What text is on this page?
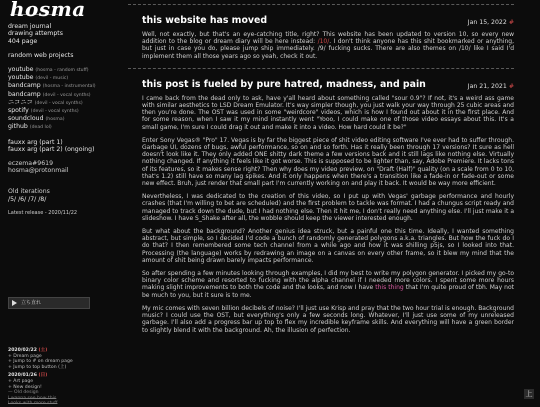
hosma
dream journal
drawing attempts
404 page
random web projects
youtube (hosma - random stuff)
youtube (devil - music)
bandcamp (hosma - instrumental)
bandcamp (devil - vocal synths)
ニコニコ (devil - vocal synths)
spotify (devil - vocal synths)
soundcloud (hosma)
github (dead lol)
fauxx arg (part 1)
fauxx arg (part 2) (ongoing)
eczema#9619
hosma@protonmail
Old iterations
/5/ /6/ /7/ /8/
Latest release - 2020/11/22
立ち直れ
2020/02/22 (土)
+ Dream page
+ Jump to # on dream page
+ Jump to top button (上)
2020/01/26 (日)
+ Art page
+ New design!
— Old design
I wanna see how this
Looks with more stuff
this website has moved	Jan 15, 2022 #

Well, not exactly, but that's an eye-catching title, right? This website has been updated to version 10, so every new addition to the blog or dream diary will be here instead: /10/. I don't think anyone has this shit bookmarked or anything, but just in case you do, please jump ship immediately. /9/ fucking sucks. There are also themes on /10/ like I said I'd implement them all those years ago so yeah, check it out.

this post is fueled by pure hatred, madness, and pain	Jan 21, 2021 #

I came back from the dead only to ask, have y'all heard about something called "sour 0.9"? If not, it's a weird ass game with similar aesthetics to LSD Dream Emulator. It's way simpler though, you just walk your way through 25 cubic areas and then you're done. The OST was used in some "weirdcore" videos, which is how I found out about it in the first place. And for some reason, when I saw it my mind instantly went "Yooo, I could make one of those video essays about this. It's a small game, I'm sure I could drag it out and make it into a video. How hard could it be?"

Enter Sony Vegas® "Pro" 17. Vegas is by far the biggest piece of shit video editing software I've ever had to suffer through. Garbage UI, dozens of bugs, awful performance, so on and so forth. Has it really been through 17 versions? It sure as hell doesn't look like it. They only added ONE shitty dark theme a few versions back and it still lags like nothing else. Virtually nothing changed. If anything it feels like it got worse. This is supposed to be lighter than, say, Adobe Premiere. It lacks tons of its features, so it makes sense right? Then why does my video preview, on "Draft (Half)" quality (on a scale from 0 to 10, that's 1.2) still have so many lag spikes. And it only happens when there's a transition like a fade-in or fade-out or some new effect. Bruh, just render that small part I'm currently working on and play it back. It would be way more efficient.

Nevertheless, I was dedicated to the creation of this video, so I put up with Vegas' garbage performance and hourly crashes (that I'm willing to bet are scheduled) and the first problem to tackle was format. I had a chungus script ready and managed to track down the dude, but I had nothing else. Then it hit me, I don't really need anything else. I'll just make it a slideshow. I have S_Shake after all, the wobble should keep the viewer interested enough.

But what about the background? Another genius idea struck, but a painful one this time. Ideally, I wanted something abstract, but simple, so I decided I'd code a bunch of randomly generated polygons a.k.a. triangles. But how the fuck do I do that? I then remembered some tech channel from a while ago and how it was shilling p5js, so I looked into that. Processing (the language) works by redrawing an image on a canvas on every other frame, so it blew my mind that the amount of shit being drawn barely impacts performance.

So after spending a few minutes looking through examples, I did my best to write my polygon generator. I picked my go-to binary color scheme and resorted to fucking with the alpha channel if I needed more colors. I spent some more hours making slight improvements to both the code and the looks, and now I have this thing that I'm quite proud of tbh. May not be much to you, but it sure is to me.

My mic comes with seven billion decibels of noise? I'll just use Krisp and pray that the two hour trial is enough. Background music? I could use the OST, but everything's only a few seconds long. Whatever, I'll just use some of my unreleased garbage. I'll also add a progress bar up top to flex my incredible keyframe skills. And everything will have a green border to slightly blend it with the background. Ah, the illusion of perfection.

上
